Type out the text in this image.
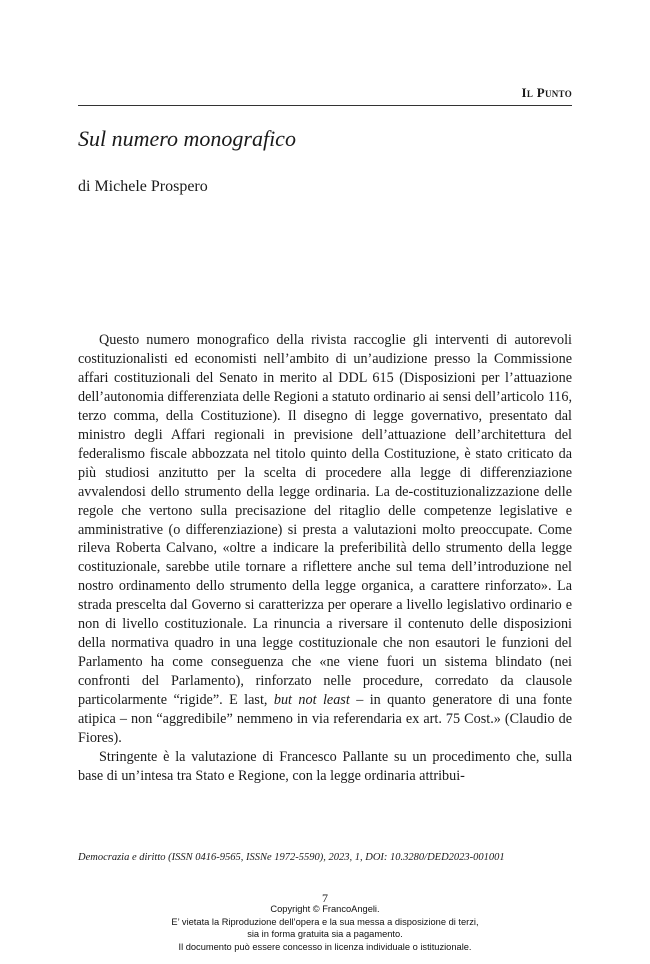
Il Punto
Sul numero monografico
di Michele Prospero

Questo numero monografico della rivista raccoglie gli interventi di autorevoli costituzionalisti ed economisti nell’ambito di un’audizione presso la Commissione affari costituzionali del Senato in merito al DDL 615 (Disposizioni per l’attuazione dell’autonomia differenziata delle Regioni a statuto ordinario ai sensi dell’articolo 116, terzo comma, della Costituzione). Il disegno di legge governativo, presentato dal ministro degli Affari regionali in previsione dell’attuazione dell’architettura del federalismo fiscale abbozzata nel titolo quinto della Costituzione, è stato criticato da più studiosi anzitutto per la scelta di procedere alla legge di differenziazione avvalendosi dello strumento della legge ordinaria. La de-costituzionalizzazione delle regole che vertono sulla precisazione del ritaglio delle competenze legislative e amministrative (o differenziazione) si presta a valutazioni molto preoccupate. Come rileva Roberta Calvano, «oltre a indicare la preferibilità dello strumento della legge costituzionale, sarebbe utile tornare a riflettere anche sul tema dell’introduzione nel nostro ordinamento dello strumento della legge organica, a carattere rinforzato». La strada prescelta dal Governo si caratterizza per operare a livello legislativo ordinario e non di livello costituzionale. La rinuncia a riversare il contenuto delle disposizioni della normativa quadro in una legge costituzionale che non esautori le funzioni del Parlamento ha come conseguenza che «ne viene fuori un sistema blindato (nei confronti del Parlamento), rinforzato nelle procedure, corredato da clausole particolarmente “rigide”. E last, but not least – in quanto generatore di una fonte atipica – non “aggredibile” nemmeno in via referendaria ex art. 75 Cost.» (Claudio de Fiores).

Stringente è la valutazione di Francesco Pallante su un procedimento che, sulla base di un’intesa tra Stato e Regione, con la legge ordinaria attribui-

Democrazia e diritto (ISSN 0416-9565, ISSNe 1972-5590), 2023, 1, DOI: 10.3280/DED2023-001001
7
Copyright © FrancoAngeli.
E’ vietata la Riproduzione dell’opera e la sua messa a disposizione di terzi,
sia in forma gratuita sia a pagamento.
Il documento può essere concesso in licenza individuale o istituzionale.
